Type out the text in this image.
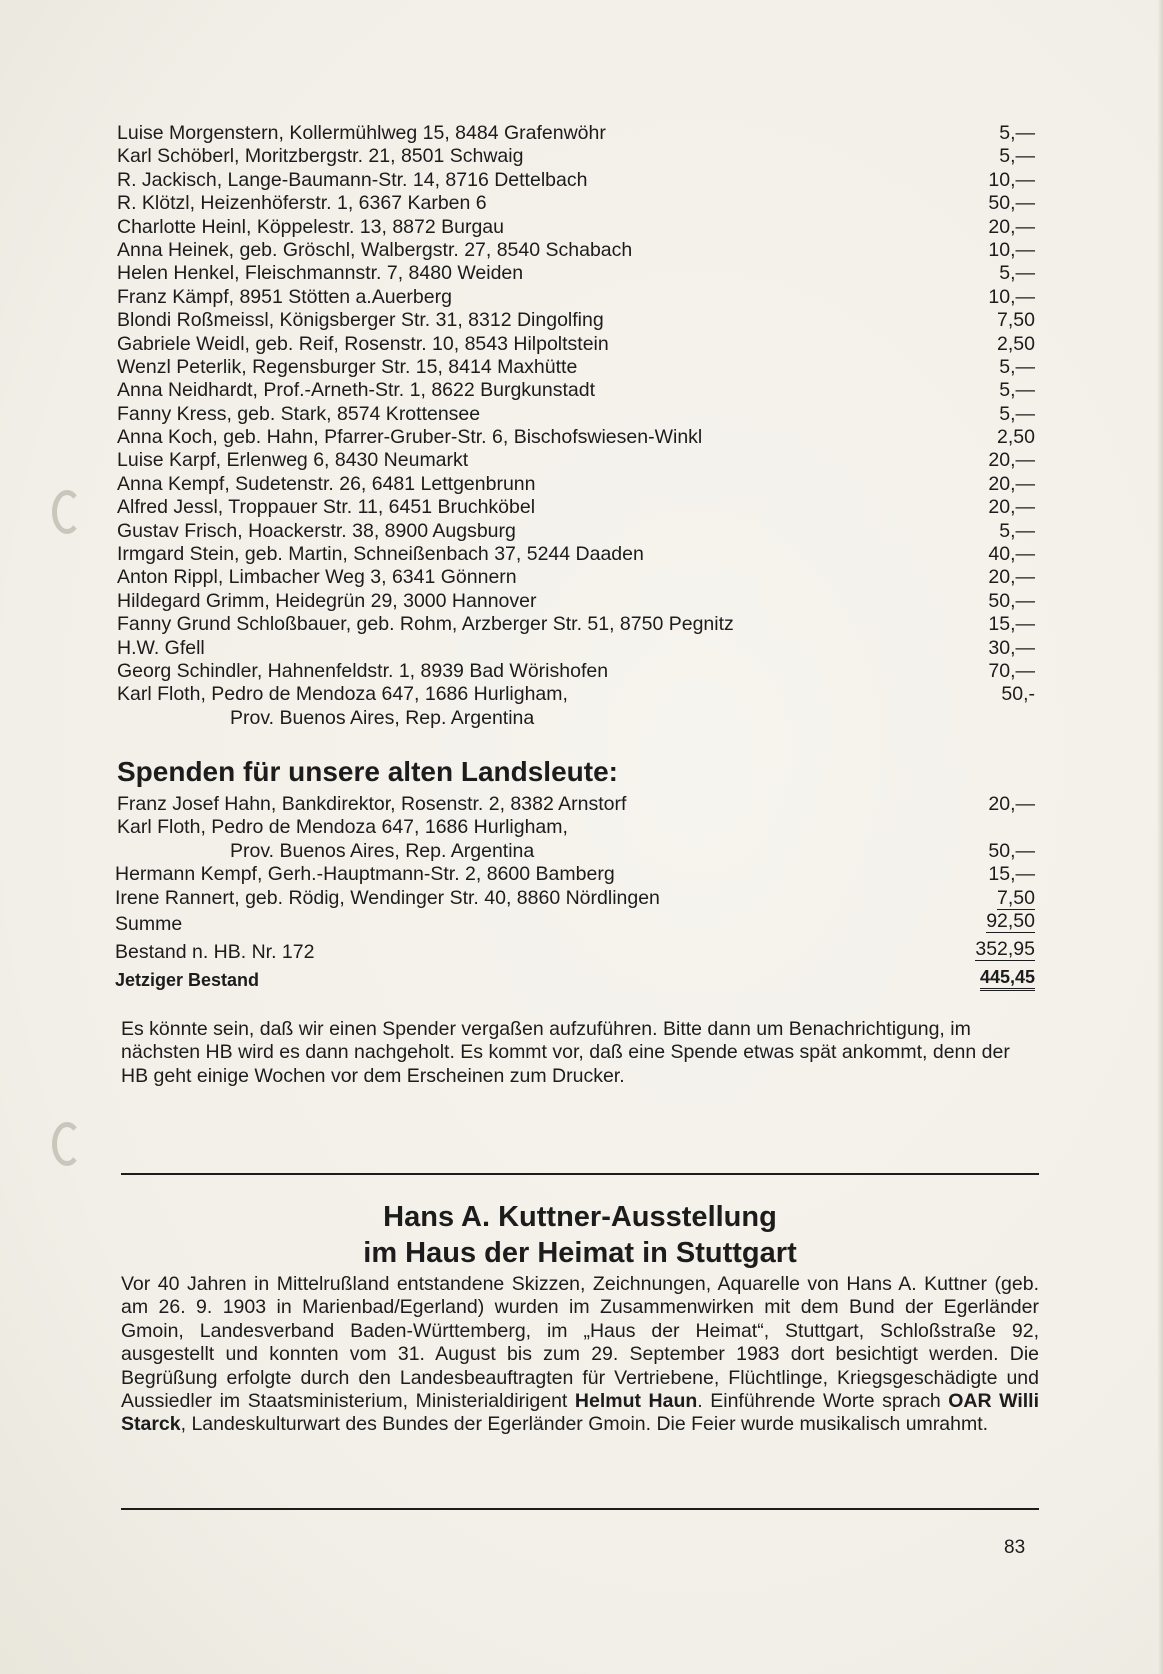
Luise Morgenstern, Kollermühlweg 15, 8484 Grafenwöhr	5,—
Karl Schöberl, Moritzbergstr. 21, 8501 Schwaig	5,—
R. Jackisch, Lange-Baumann-Str. 14, 8716 Dettelbach	10,—
R. Klötzl, Heizenhöferstr. 1, 6367 Karben 6	50,—
Charlotte Heinl, Köppelestr. 13, 8872 Burgau	20,—
Anna Heinek, geb. Gröschl, Walbergstr. 27, 8540 Schabach	10,—
Helen Henkel, Fleischmannstr. 7, 8480 Weiden	5,—
Franz Kämpf, 8951 Stötten a.Auerberg	10,—
Blondi Roßmeissl, Königsberger Str. 31, 8312 Dingolfing	7,50
Gabriele Weidl, geb. Reif, Rosenstr. 10, 8543 Hilpoltstein	2,50
Wenzl Peterlik, Regensburger Str. 15, 8414 Maxhütte	5,—
Anna Neidhardt, Prof.-Arneth-Str. 1, 8622 Burgkunstadt	5,—
Fanny Kress, geb. Stark, 8574 Krottensee	5,—
Anna Koch, geb. Hahn, Pfarrer-Gruber-Str. 6, Bischofswiesen-Winkl	2,50
Luise Karpf, Erlenweg 6, 8430 Neumarkt	20,—
Anna Kempf, Sudetenstr. 26, 6481 Lettgenbrunn	20,—
Alfred Jessl, Troppauer Str. 11, 6451 Bruchköbel	20,—
Gustav Frisch, Hoackerstr. 38, 8900 Augsburg	5,—
Irmgard Stein, geb. Martin, Schneißenbach 37, 5244 Daaden	40,—
Anton Rippl, Limbacher Weg 3, 6341 Gönnern	20,—
Hildegard Grimm, Heidegrün 29, 3000 Hannover	50,—
Fanny Grund Schloßbauer, geb. Rohm, Arzberger Str. 51, 8750 Pegnitz	15,—
H.W. Gfell	30,—
Georg Schindler, Hahnenfeldstr. 1, 8939 Bad Wörishofen	70,—
Karl Floth, Pedro de Mendoza 647, 1686 Hurligham,	50,-
Prov. Buenos Aires, Rep. Argentina
Spenden für unsere alten Landsleute:
Franz Josef Hahn, Bankdirektor, Rosenstr. 2, 8382 Arnstorf	20,—
Karl Floth, Pedro de Mendoza 647, 1686 Hurligham,
Prov. Buenos Aires, Rep. Argentina	50,—
Hermann Kempf, Gerh.-Hauptmann-Str. 2, 8600 Bamberg	15,—
Irene Rannert, geb. Rödig, Wendinger Str. 40, 8860 Nördlingen	7,50
Summe	92,50
Bestand n. HB. Nr. 172	352,95
Jetziger Bestand	445,45
Es könnte sein, daß wir einen Spender vergaßen aufzuführen. Bitte dann um Benachrichtigung, im nächsten HB wird es dann nachgeholt. Es kommt vor, daß eine Spende etwas spät ankommt, denn der HB geht einige Wochen vor dem Erscheinen zum Drucker.
Hans A. Kuttner-Ausstellung
im Haus der Heimat in Stuttgart
Vor 40 Jahren in Mittelrußland entstandene Skizzen, Zeichnungen, Aquarelle von Hans A. Kuttner (geb. am 26. 9. 1903 in Marienbad/Egerland) wurden im Zusammenwirken mit dem Bund der Egerländer Gmoin, Landesverband Baden-Württemberg, im „Haus der Heimat“, Stuttgart, Schloßstraße 92, ausgestellt und konnten vom 31. August bis zum 29. September 1983 dort besichtigt werden. Die Begrüßung erfolgte durch den Landesbeauftragten für Vertriebene, Flüchtlinge, Kriegsgeschädigte und Aussiedler im Staatsministerium, Ministerialdirigent Helmut Haun. Einführende Worte sprach OAR Willi Starck, Landeskulturwart des Bundes der Egerländer Gmoin. Die Feier wurde musikalisch umrahmt.
83
